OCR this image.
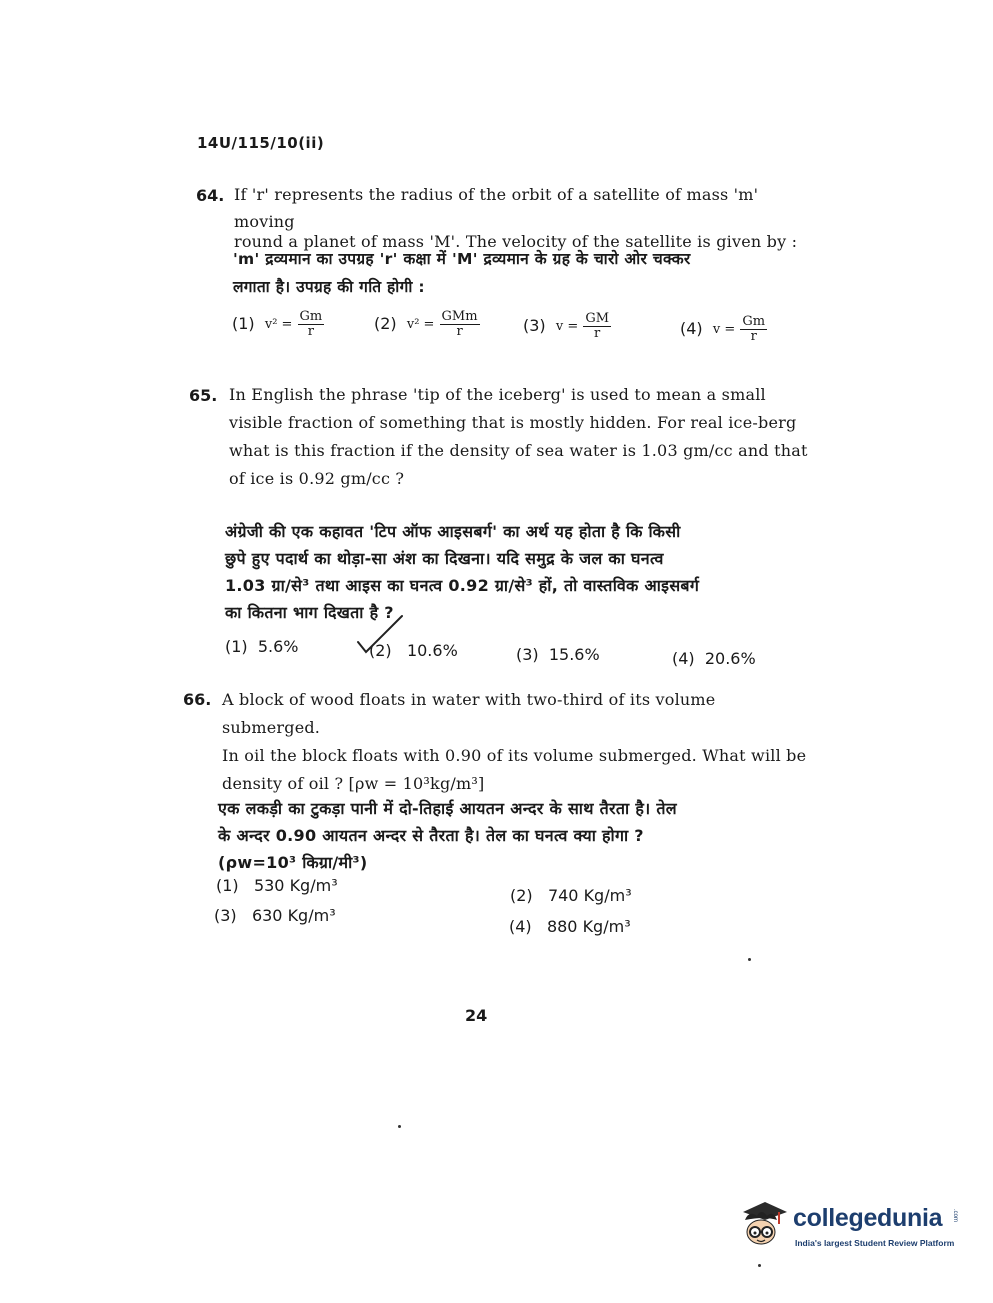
14U/115/10(ii)
64. If 'r' represents the radius of the orbit of a satellite of mass 'm' moving
round a planet of mass 'M'. The velocity of the satellite is given by :
'm' द्रव्यमान का उपग्रह 'r' कक्षा में 'M' द्रव्यमान के ग्रह के चारो ओर चक्कर
लगाता है। उपग्रह की गति होगी :
(1) $v^2 = \frac{Gm}{r}$	(2) $v^2 = \frac{\text{GMm}}{r}$	(3) $v = \frac{GM}{r}$	(4) $v = \frac{Gm}{r}$
65. In English the phrase 'tip of the iceberg' is used to mean a small
visible fraction of something that is mostly hidden. For real ice-berg
what is this fraction if the density of sea water is 1.03 gm/cc and that
of ice is 0.92 gm/cc ?
अंग्रेजी की एक कहावत 'टिप ऑफ आइसबर्ग' का अर्थ यह होता है कि किसी
छुपे हुए पदार्थ का थोड़ा-सा अंश का दिखना। यदि समुद्र के जल का घनत्व
1.03 ग्रा/से³ तथा आइस का घनत्व 0.92 ग्रा/से³ हों, तो वास्तविक आइसबर्ग
का कितना भाग दिखता है ?
(1) 5.6%	(2) 10.6%	(3) 15.6%	(4) 20.6%
66. A block of wood floats in water with two-third of its volume submerged.
In oil the block floats with 0.90 of its volume submerged. What will be
density of oil ? [ρw = 10³kg/m³]
एक लकड़ी का टुकड़ा पानी में दो-तिहाई आयतन अन्दर के साथ तैरता है। तेल
के अन्दर 0.90 आयतन अन्दर से तैरता है। तेल का घनत्व क्या होगा ?
(ρw=10³ किग्रा/मी³)
(1) 530 Kg/m³
(2) 740 Kg/m³
(3) 630 Kg/m³
(4) 880 Kg/m³
24
collegedunia .com
India's largest Student Review Platform
